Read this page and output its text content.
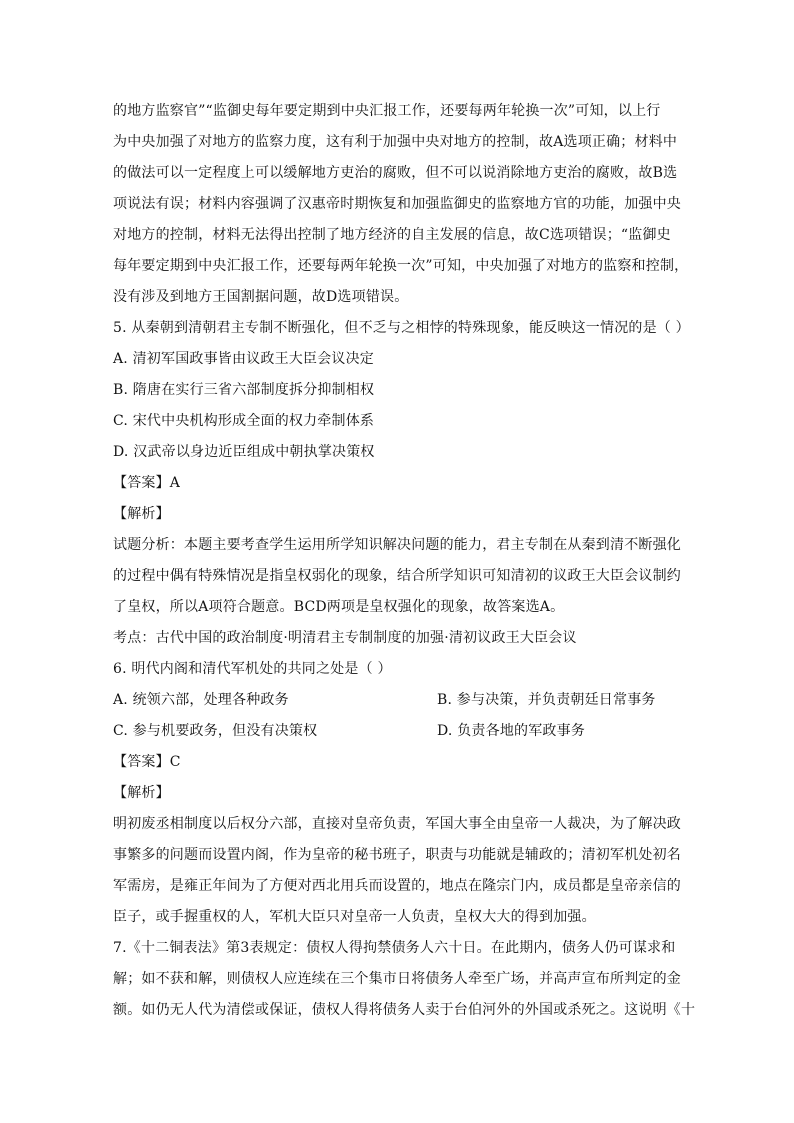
的地方监察官”“监御史每年要定期到中央汇报工作，还要每两年轮换一次”可知，以上行
为中央加强了对地方的监察力度，这有利于加强中央对地方的控制，故A选项正确；材料中
的做法可以一定程度上可以缓解地方吏治的腐败，但不可以说消除地方吏治的腐败，故B选
项说法有误；材料内容强调了汉惠帝时期恢复和加强监御史的监察地方官的功能，加强中央
对地方的控制，材料无法得出控制了地方经济的自主发展的信息，故C选项错误；“监御史
每年要定期到中央汇报工作，还要每两年轮换一次”可知，中央加强了对地方的监察和控制，
没有涉及到地方王国割据问题，故D选项错误。
5. 从秦朝到清朝君主专制不断强化，但不乏与之相悖的特殊现象，能反映这一情况的是（ ）
A. 清初军国政事皆由议政王大臣会议决定
B. 隋唐在实行三省六部制度拆分抑制相权
C. 宋代中央机构形成全面的权力牵制体系
D. 汉武帝以身边近臣组成中朝执掌决策权
【答案】A
【解析】
试题分析：本题主要考查学生运用所学知识解决问题的能力，君主专制在从秦到清不断强化
的过程中偶有特殊情况是指皇权弱化的现象，结合所学知识可知清初的议政王大臣会议制约
了皇权，所以A项符合题意。BCD两项是皇权强化的现象，故答案选A。
考点：古代中国的政治制度·明清君主专制制度的加强·清初议政王大臣会议
6. 明代内阁和清代军机处的共同之处是（ ）
A. 统领六部，处理各种政务	B. 参与决策，并负责朝廷日常事务
C. 参与机要政务，但没有决策权	D. 负责各地的军政事务
【答案】C
【解析】
明初废丞相制度以后权分六部，直接对皇帝负责，军国大事全由皇帝一人裁决，为了解决政
事繁多的问题而设置内阁，作为皇帝的秘书班子，职责与功能就是辅政的；清初军机处初名
军需房，是雍正年间为了方便对西北用兵而设置的，地点在隆宗门内，成员都是皇帝亲信的
臣子，或手握重权的人，军机大臣只对皇帝一人负责，皇权大大的得到加强。
7.《十二铜表法》第3表规定：债权人得拘禁债务人六十日。在此期内，债务人仍可谋求和
解；如不获和解，则债权人应连续在三个集市日将债务人牵至广场，并高声宣布所判定的金
额。如仍无人代为清偿或保证，债权人得将债务人卖于台伯河外的外国或杀死之。这说明《十
